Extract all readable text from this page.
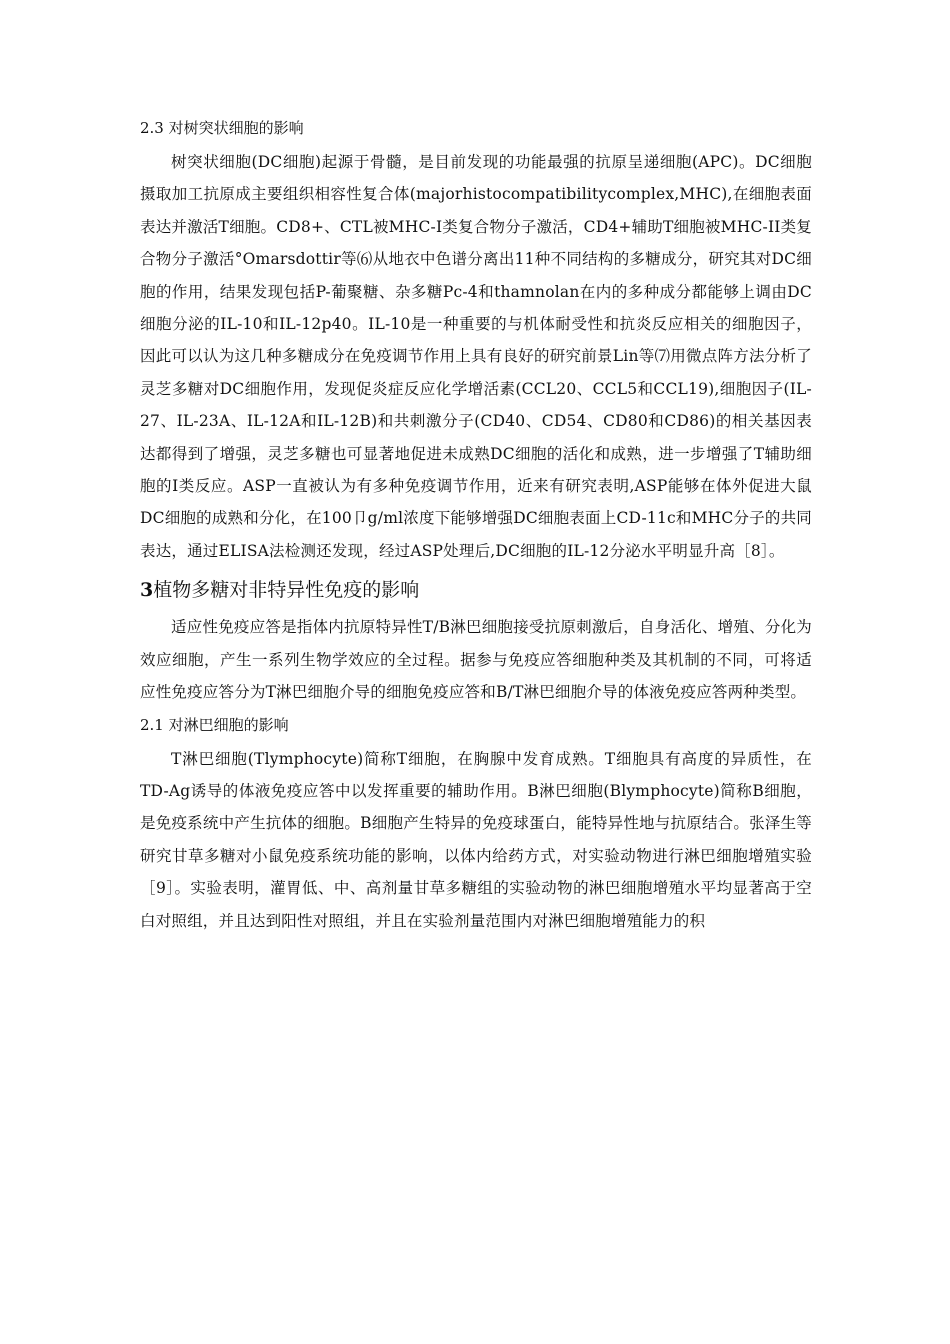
2.3 对树突状细胞的影响

树突状细胞(DC细胞)起源于骨髓，是目前发现的功能最强的抗原呈递细胞(APC)。DC细胞摄取加工抗原成主要组织相容性复合体(majorhistocompatibilitycomplex,MHC),在细胞表面表达并激活T细胞。CD8+、CTL被MHC-I类复合物分子激活，CD4+辅助T细胞被MHC-II类复合物分子激活°Omarsdottir等⑹从地衣中色谱分离出11种不同结构的多糖成分，研究其对DC细胞的作用，结果发现包括P-葡聚糖、杂多糖Pc-4和thamnolan在内的多种成分都能够上调由DC细胞分泌的IL-10和IL-12p40。IL-10是一种重要的与机体耐受性和抗炎反应相关的细胞因子，因此可以认为这几种多糖成分在免疫调节作用上具有良好的研究前景Lin等⑺用微点阵方法分析了灵芝多糖对DC细胞作用，发现促炎症反应化学增活素(CCL20、CCL5和CCL19),细胞因子(IL-27、IL-23A、IL-12A和IL-12B)和共刺激分子(CD40、CD54、CD80和CD86)的相关基因表达都得到了增强，灵芝多糖也可显著地促进未成熟DC细胞的活化和成熟，进一步增强了T辅助细胞的I类反应。ASP一直被认为有多种免疫调节作用，近来有研究表明,ASP能够在体外促进大鼠DC细胞的成熟和分化，在100卩g/ml浓度下能够增强DC细胞表面上CD-11c和MHC分子的共同表达，通过ELISA法检测还发现，经过ASP处理后,DC细胞的IL-12分泌水平明显升高［8］。

3植物多糖对非特异性免疫的影响

适应性免疫应答是指体内抗原特异性T/B淋巴细胞接受抗原刺激后，自身活化、增殖、分化为效应细胞，产生一系列生物学效应的全过程。据参与免疫应答细胞种类及其机制的不同，可将适应性免疫应答分为T淋巴细胞介导的细胞免疫应答和B/T淋巴细胞介导的体液免疫应答两种类型。

2.1 对淋巴细胞的影响

T淋巴细胞(Tlymphocyte)简称T细胞，在胸腺中发育成熟。T细胞具有高度的异质性，在TD-Ag诱导的体液免疫应答中以发挥重要的辅助作用。B淋巴细胞(Blymphocyte)简称B细胞，是免疫系统中产生抗体的细胞。B细胞产生特异的免疫球蛋白，能特异性地与抗原结合。张泽生等研究甘草多糖对小鼠免疫系统功能的影响，以体内给药方式，对实验动物进行淋巴细胞增殖实验［9］。实验表明，灌胃低、中、高剂量甘草多糖组的实验动物的淋巴细胞增殖水平均显著高于空白对照组，并且达到阳性对照组，并且在实验剂量范围内对淋巴细胞增殖能力的积
